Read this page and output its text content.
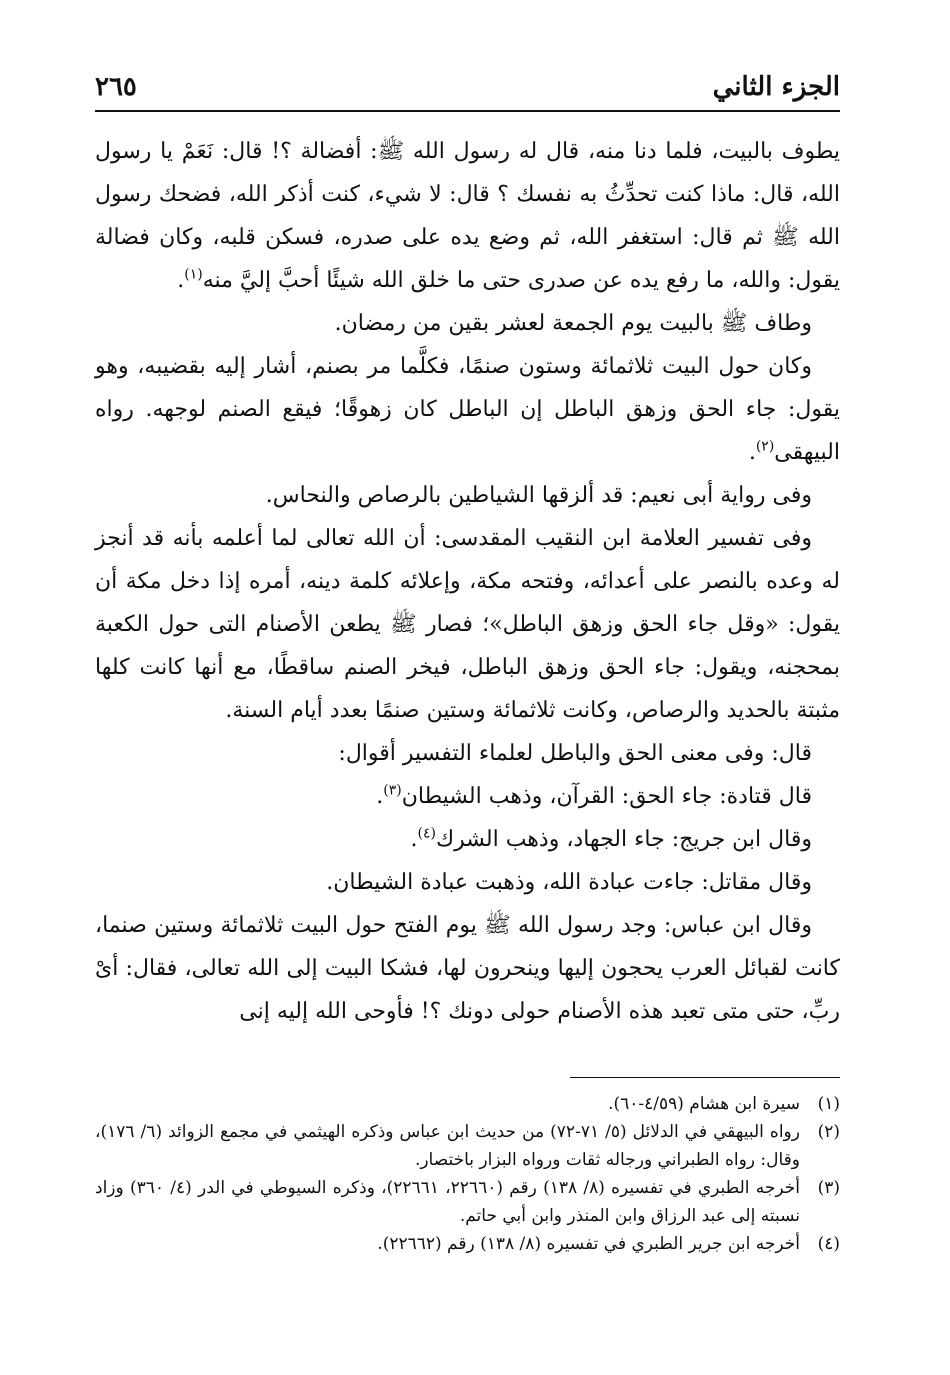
الجزء الثاني
٢٦٥

يطوف بالبيت، فلما دنا منه، قال له رسول الله ﷺ: أفضالة ؟! قال: نَعَمْ يا رسول الله، قال: ماذا كنت تحدِّثُ به نفسك ؟ قال: لا شيء، كنت أذكر الله، فضحك رسول الله ﷺ ثم قال: استغفر الله، ثم وضع يده على صدره، فسكن قلبه، وكان فضالة يقول: والله، ما رفع يده عن صدرى حتى ما خلق الله شيئًا أحبَّ إليَّ منه$^{(١)}$.

وطاف ﷺ بالبيت يوم الجمعة لعشر بقين من رمضان.

وكان حول البيت ثلاثمائة وستون صنمًا، فكلَّما مر بصنم، أشار إليه بقضيبه، وهو يقول: جاء الحق وزهق الباطل إن الباطل كان زهوقًا؛ فيقع الصنم لوجهه. رواه البيهقى$^{(٢)}$.

وفى رواية أبى نعيم: قد ألزقها الشياطين بالرصاص والنحاس.

وفى تفسير العلامة ابن النقيب المقدسى: أن الله تعالى لما أعلمه بأنه قد أنجز له وعده بالنصر على أعدائه، وفتحه مكة، وإعلائه كلمة دينه، أمره إذا دخل مكة أن يقول: «وقل جاء الحق وزهق الباطل»؛ فصار ﷺ يطعن الأصنام التى حول الكعبة بمحجنه، ويقول: جاء الحق وزهق الباطل، فيخر الصنم ساقطًا، مع أنها كانت كلها مثبتة بالحديد والرصاص، وكانت ثلاثمائة وستين صنمًا بعدد أيام السنة.

قال: وفى معنى الحق والباطل لعلماء التفسير أقوال:

قال قتادة: جاء الحق: القرآن، وذهب الشيطان$^{(٣)}$.

وقال ابن جريج: جاء الجهاد، وذهب الشرك$^{(٤)}$.

وقال مقاتل: جاءت عبادة الله، وذهبت عبادة الشيطان.

وقال ابن عباس: وجد رسول الله ﷺ يوم الفتح حول البيت ثلاثمائة وستين صنما، كانت لقبائل العرب يحجون إليها وينحرون لها، فشكا البيت إلى الله تعالى، فقال: أىْ ربِّ، حتى متى تعبد هذه الأصنام حولى دونك ؟! فأوحى الله إليه إنى

(١)
سيرة ابن هشام (٤/٥٩-٦٠).
(٢)
رواه البيهقي في الدلائل (٥/ ٧١-٧٢) من حديث ابن عباس وذكره الهيثمي في مجمع الزوائد (٦/ ١٧٦)، وقال: رواه الطبراني ورجاله ثقات ورواه البزار باختصار.
(٣)
أخرجه الطبري في تفسيره (٨/ ١٣٨) رقم (٢٢٦٦٠، ٢٢٦٦١)، وذكره السيوطي في الدر (٤/ ٣٦٠) وزاد نسبته إلى عبد الرزاق وابن المنذر وابن أبي حاتم.
(٤)
أخرجه ابن جرير الطبري في تفسيره (٨/ ١٣٨) رقم (٢٢٦٦٢).
